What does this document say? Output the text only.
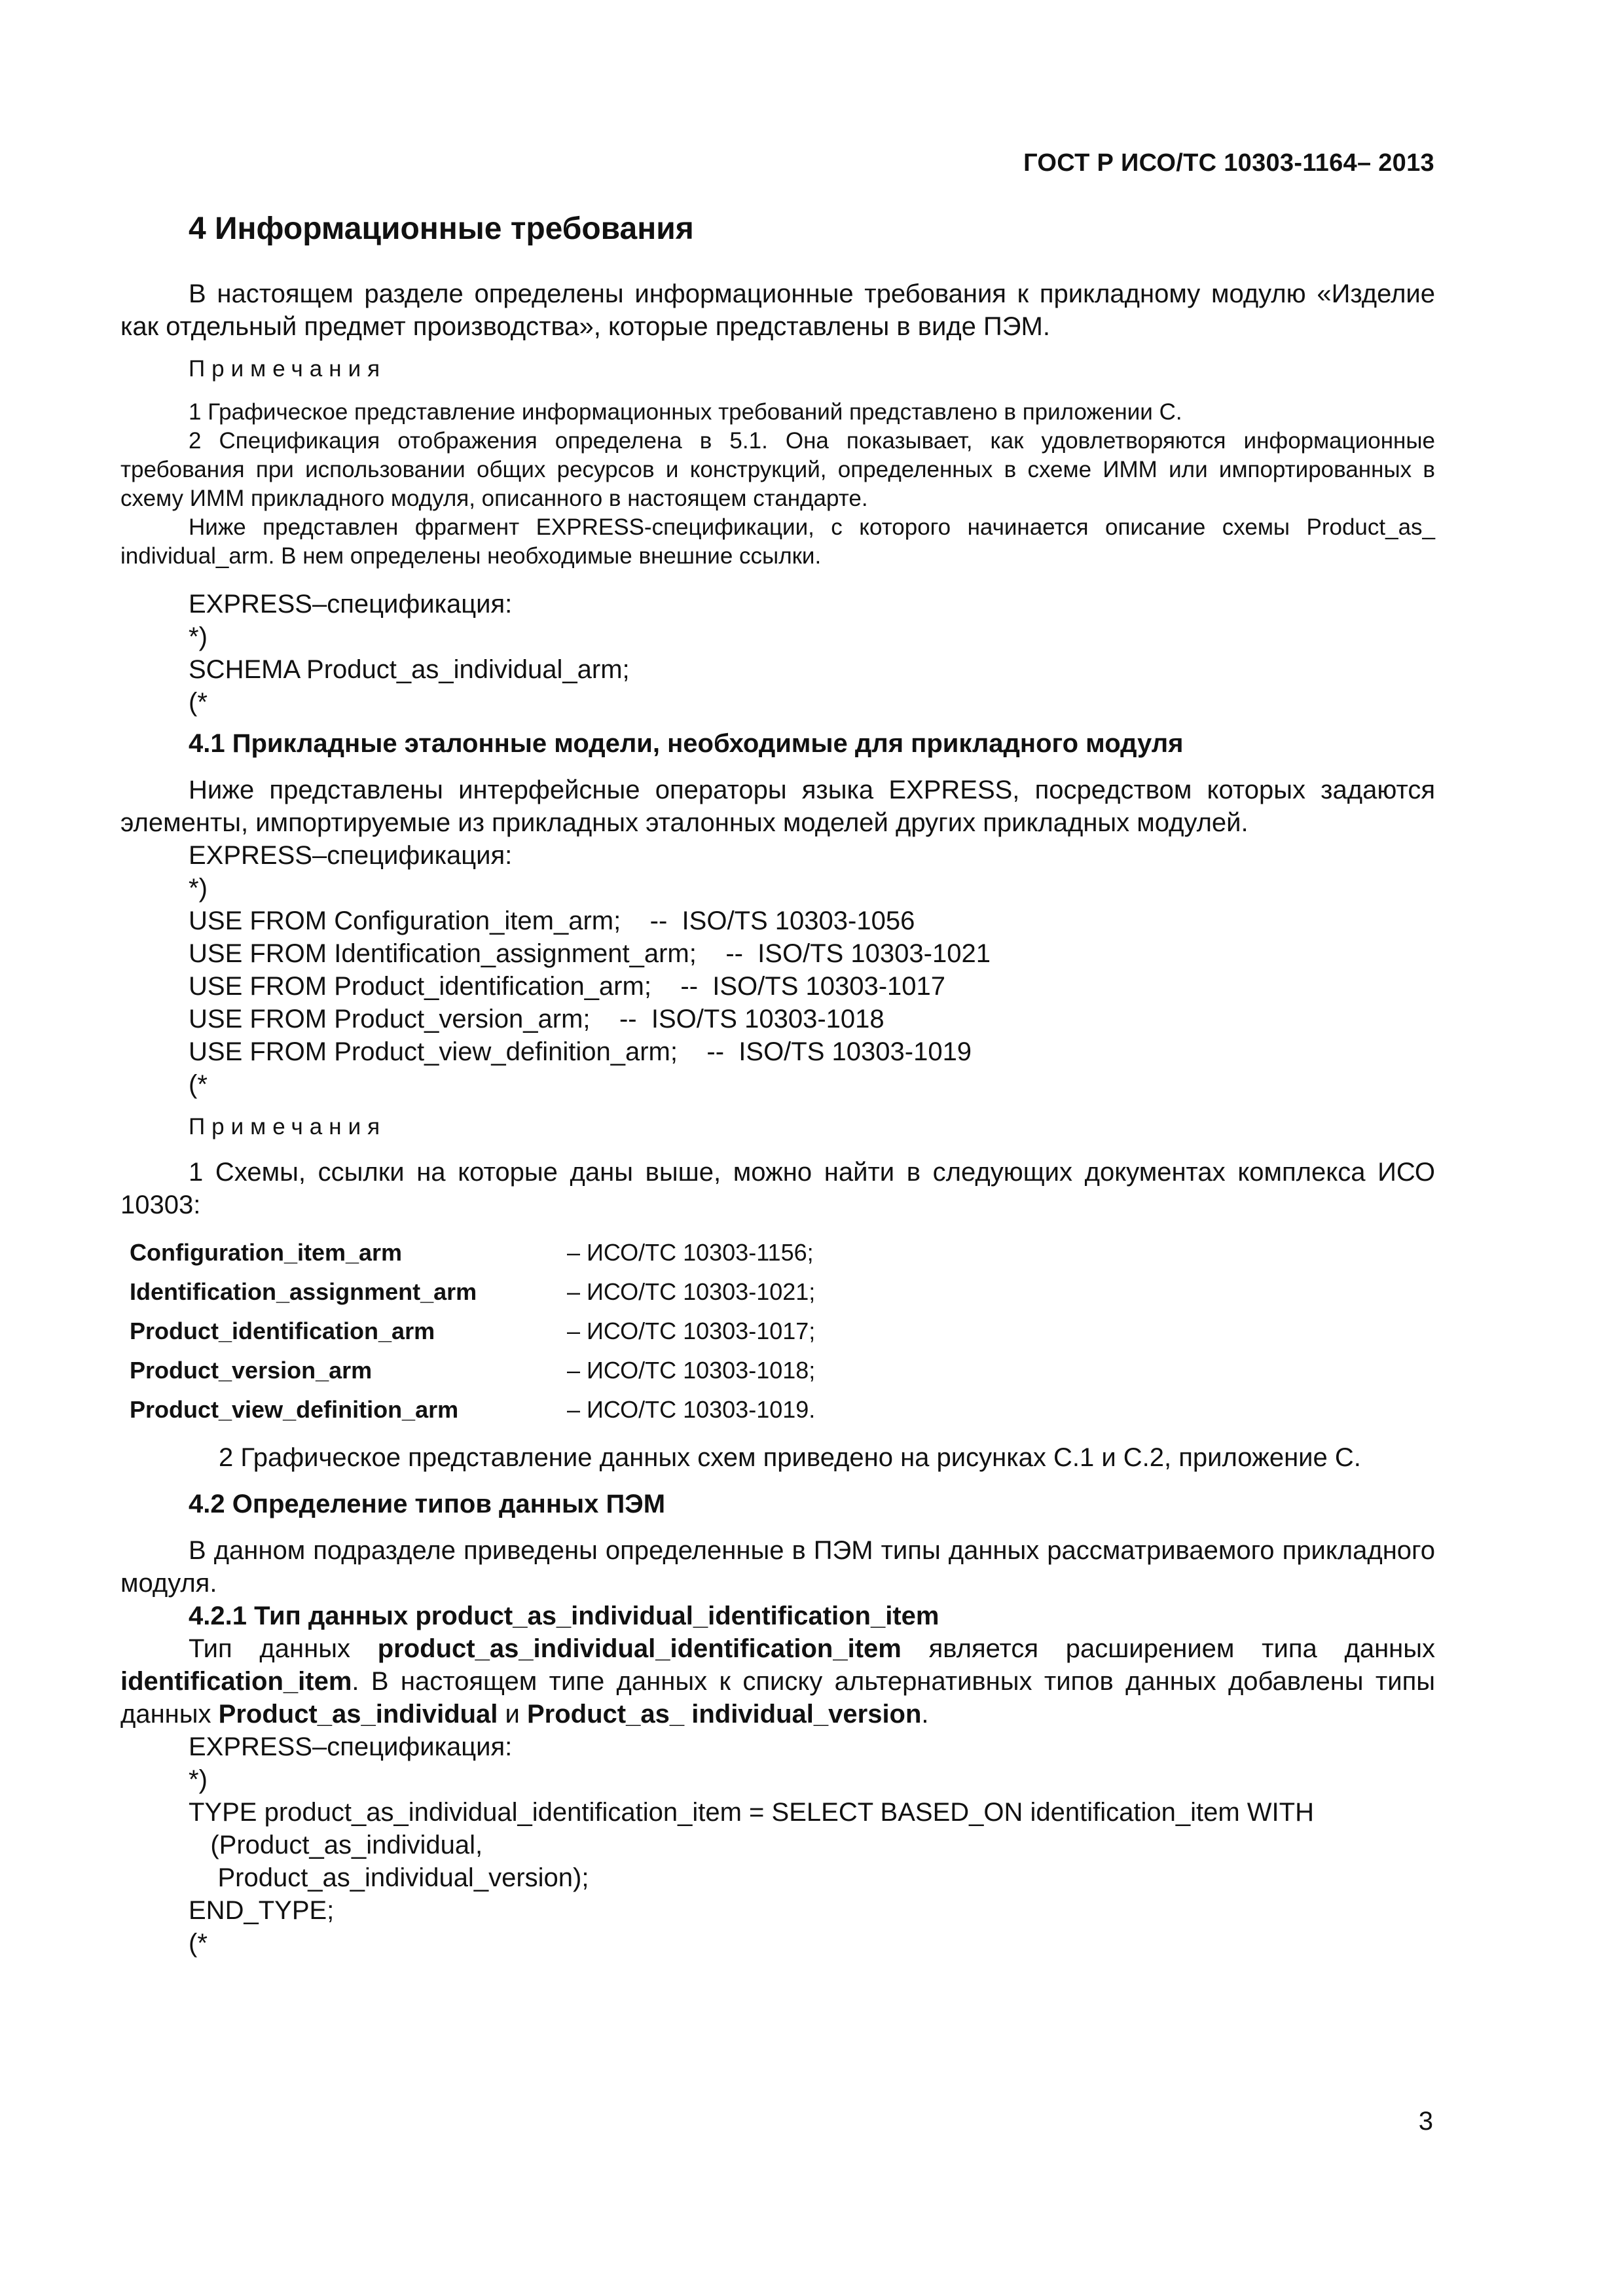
ГОСТ Р ИСО/ТС 10303-1164– 2013
4 Информационные требования

В настоящем разделе определены информационные требования к прикладному модулю «Изделие как отдельный предмет производства», которые представлены в виде ПЭМ.

Примечания

1 Графическое представление информационных требований представлено в приложении С.

2 Спецификация отображения определена в 5.1. Она показывает, как удовлетворяются информационные требования при использовании общих ресурсов и конструкций, определенных в схеме ИММ или импортированных в схему ИММ прикладного модуля, описанного в настоящем стандарте.

Ниже представлен фрагмент EXPRESS-спецификации, с которого начинается описание схемы Product_as_ individual_arm. В нем определены необходимые внешние ссылки.

EXPRESS–спецификация:
*)
SCHEMA Product_as_individual_arm;
(*
4.1 Прикладные эталонные модели, необходимые для прикладного модуля

Ниже представлены интерфейсные операторы языка EXPRESS, посредством которых задаются элементы, импортируемые из прикладных эталонных моделей других прикладных модулей.

EXPRESS–спецификация:
*)
USE FROM Configuration_item_arm;    --  ISO/TS 10303-1056
USE FROM Identification_assignment_arm;    --  ISO/TS 10303-1021
USE FROM Product_identification_arm;    --  ISO/TS 10303-1017
USE FROM Product_version_arm;    --  ISO/TS 10303-1018
USE FROM Product_view_definition_arm;    --  ISO/TS 10303-1019
(*
Примечания

1 Схемы, ссылки на которые даны выше, можно найти в следующих документах комплекса ИСО 10303:

Configuration_item_arm	– ИСО/ТС 10303-1156;
Identification_assignment_arm	– ИСО/ТС 10303-1021;
Product_identification_arm	– ИСО/ТС 10303-1017;
Product_version_arm	– ИСО/ТС 10303-1018;
Product_view_definition_arm	– ИСО/ТС 10303-1019.

2 Графическое представление данных схем приведено на рисунках С.1 и С.2, приложение С.

4.2 Определение типов данных ПЭМ

В данном подразделе приведены определенные в ПЭМ типы данных рассматриваемого прикладного модуля.

4.2.1 Тип данных product_as_individual_identification_item

Тип данных product_as_individual_identification_item является расширением типа данных identification_item. В настоящем типе данных к списку альтернативных типов данных добавлены типы данных Product_as_individual и Product_as_ individual_version.

EXPRESS–спецификация:
*)
TYPE product_as_individual_identification_item = SELECT BASED_ON identification_item WITH
(Product_as_individual,
Product_as_individual_version);
END_TYPE;
(*
3
